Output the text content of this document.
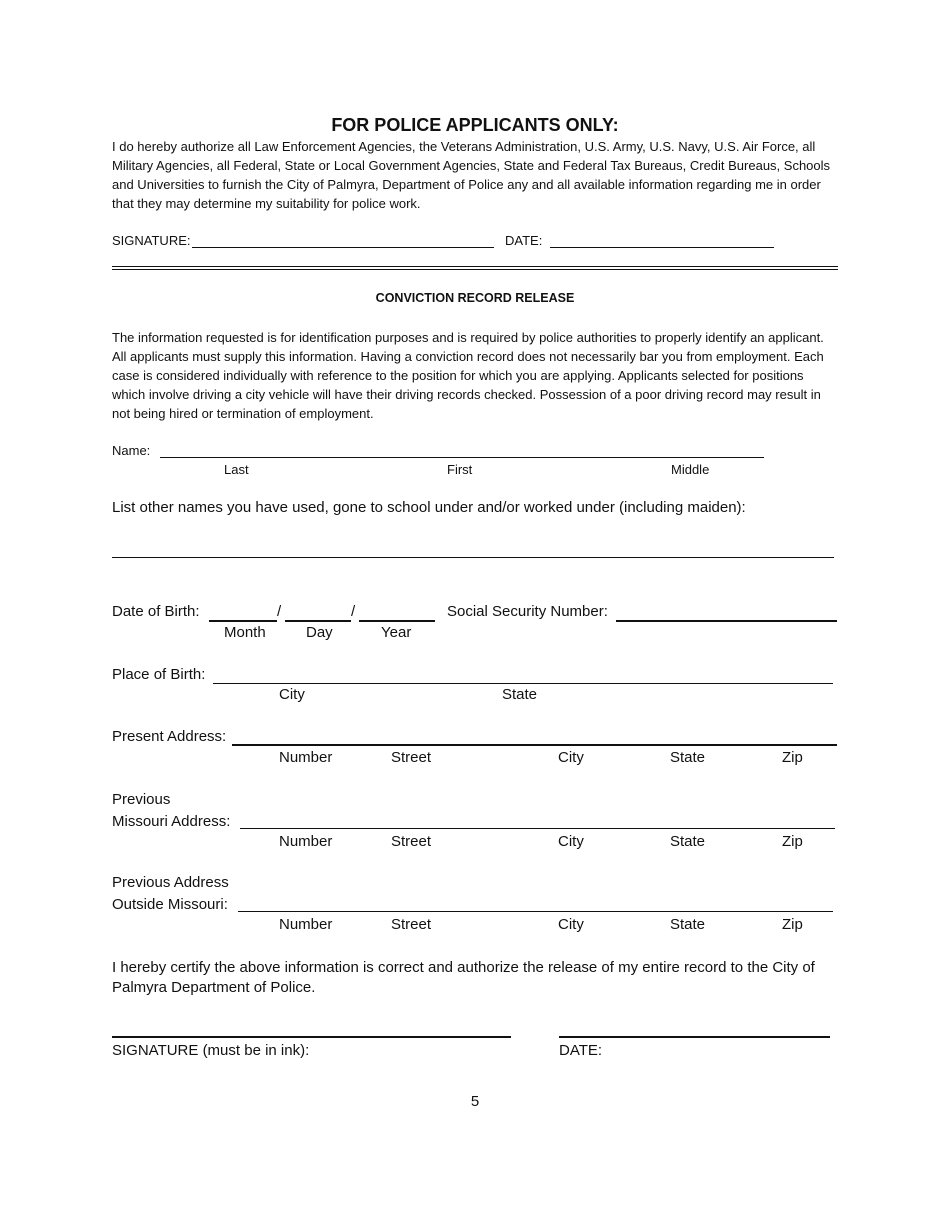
FOR POLICE APPLICANTS ONLY:
I do hereby authorize all Law Enforcement Agencies, the Veterans Administration, U.S. Army, U.S. Navy, U.S. Air Force, all Military Agencies, all Federal, State or Local Government Agencies, State and Federal Tax Bureaus, Credit Bureaus, Schools and Universities to furnish the City of Palmyra, Department of Police any and all available information regarding me in order that they may determine my suitability for police work.
SIGNATURE:	DATE:
CONVICTION RECORD RELEASE
The information requested is for identification purposes and is required by police authorities to properly identify an applicant. All applicants must supply this information. Having a conviction record does not necessarily bar you from employment. Each case is considered individually with reference to the position for which you are applying. Applicants selected for positions which involve driving a city vehicle will have their driving records checked. Possession of a poor driving record may result in not being hired or termination of employment.
Name:
Last	First	Middle
List other names you have used, gone to school under and/or worked under (including maiden):
Date of Birth:	/	/
Month	Day	Year
Social Security Number:
Place of Birth:
City	State
Present Address:
Number	Street	City	State	Zip
Previous
Missouri Address:
Number	Street	City	State	Zip
Previous Address
Outside Missouri:
Number	Street	City	State	Zip
I hereby certify the above information is correct and authorize the release of my entire record to the City of Palmyra Department of Police.
SIGNATURE (must be in ink):	DATE:
5
